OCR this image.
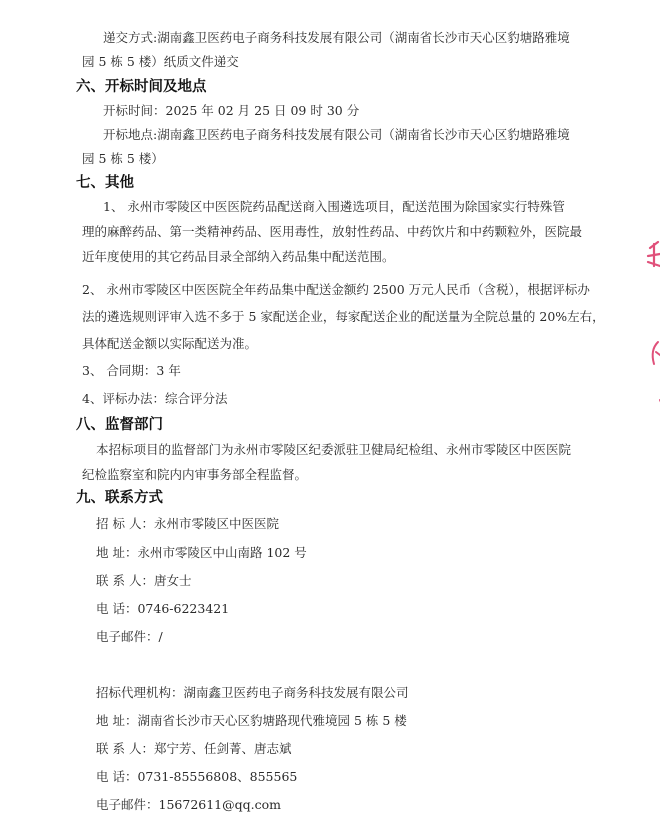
递交方式:湖南鑫卫医药电子商务科技发展有限公司（湖南省长沙市天心区豹塘路雅境
园 5 栋 5 楼）纸质文件递交
六、开标时间及地点
开标时间：2025 年 02 月 25 日 09 时 30 分
开标地点:湖南鑫卫医药电子商务科技发展有限公司（湖南省长沙市天心区豹塘路雅境
园 5 栋 5 楼）
七、其他
1、 永州市零陵区中医医院药品配送商入围遴选项目，配送范围为除国家实行特殊管
理的麻醉药品、第一类精神药品、医用毒性，放射性药品、中药饮片和中药颗粒外，医院最
近年度使用的其它药品目录全部纳入药品集中配送范围。
2、 永州市零陵区中医医院全年药品集中配送金额约 2500 万元人民币（含税），根据评标办
法的遴选规则评审入选不多于 5 家配送企业，每家配送企业的配送量为全院总量的 20%左右，
具体配送金额以实际配送为准。
3、 合同期：3 年
4、评标办法：综合评分法
八、监督部门
本招标项目的监督部门为永州市零陵区纪委派驻卫健局纪检组、永州市零陵区中医医院
纪检监察室和院内内审事务部全程监督。
九、联系方式
招 标 人：永州市零陵区中医医院
地 址：永州市零陵区中山南路 102 号
联 系 人：唐女士
电 话：0746-6223421
电子邮件：/
招标代理机构：湖南鑫卫医药电子商务科技发展有限公司
地 址：湖南省长沙市天心区豹塘路现代雅境园 5 栋 5 楼
联 系 人：郑宁芳、任剑菁、唐志斌
电 话：0731-85556808、855565
电子邮件：15672611@qq.com
